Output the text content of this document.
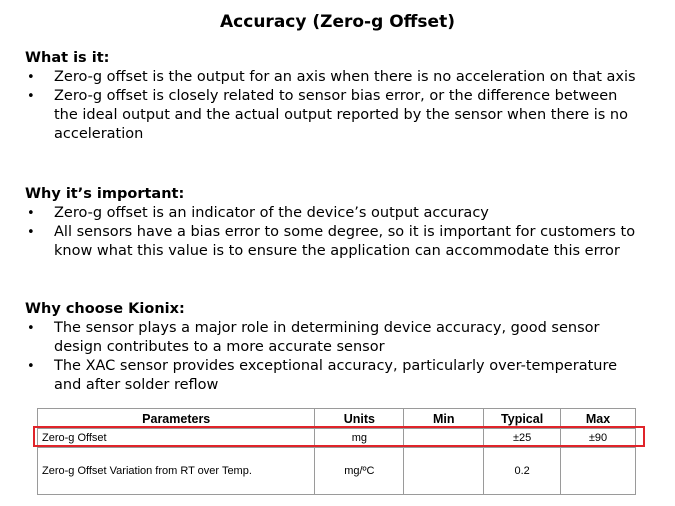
Accuracy (Zero-g Offset)

What is it:

• Zero-g offset is the output for an axis when there is no acceleration on that axis
• Zero-g offset is closely related to sensor bias error, or the difference between the ideal output and the actual output reported by the sensor when there is no acceleration

Why it’s important:

• Zero-g offset is an indicator of the device’s output accuracy
• All sensors have a bias error to some degree, so it is important for customers to know what this value is to ensure the application can accommodate this error

Why choose Kionix:

• The sensor plays a major role in determining device accuracy, good sensor design contributes to a more accurate sensor
• The XAC sensor provides exceptional accuracy, particularly over-temperature and after solder reflow
Parameters	Units	Min	Typical	Max
Zero-g Offset	mg		±25	±90
Zero-g Offset Variation from RT over Temp.	mg/ºC		0.2	
